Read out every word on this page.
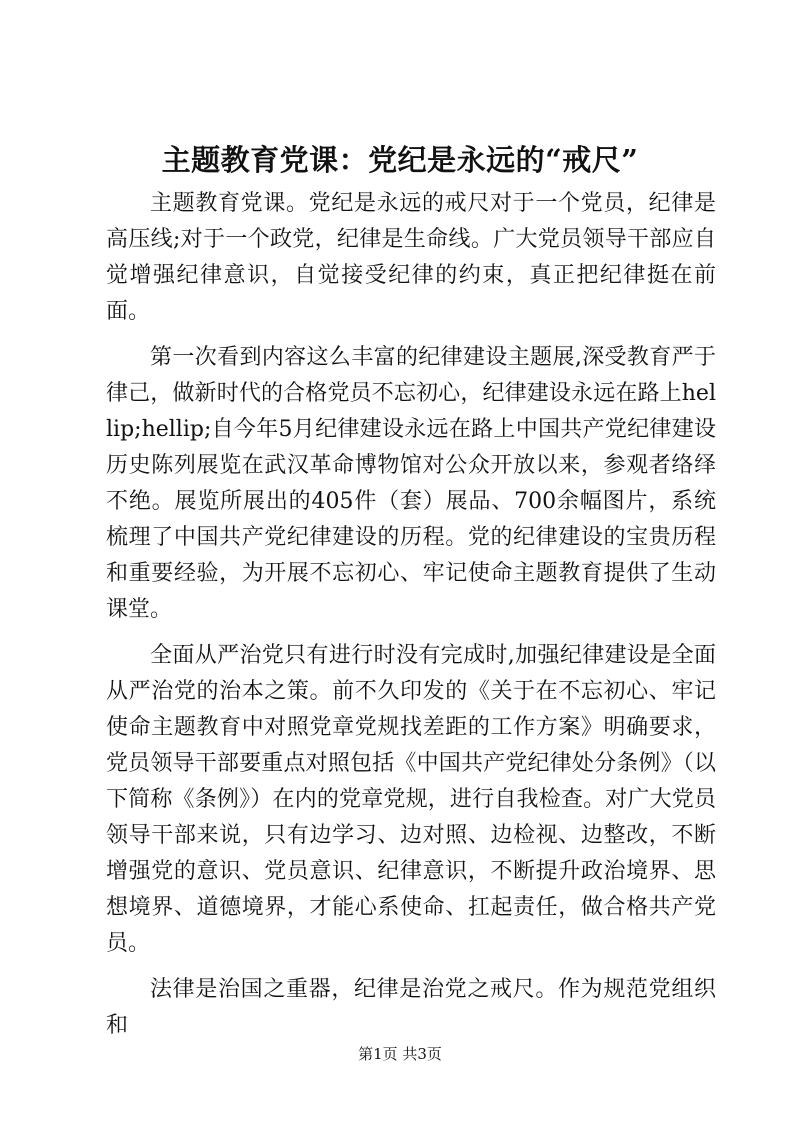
主题教育党课：党纪是永远的“戒尺”

主题教育党课。党纪是永远的戒尺对于一个党员，纪律是高压线;对于一个政党，纪律是生命线。广大党员领导干部应自觉增强纪律意识，自觉接受纪律的约束，真正把纪律挺在前面。

第一次看到内容这么丰富的纪律建设主题展,深受教育严于律己，做新时代的合格党员不忘初心，纪律建设永远在路上hellip;hellip;自今年5月纪律建设永远在路上中国共产党纪律建设历史陈列展览在武汉革命博物馆对公众开放以来，参观者络绎不绝。展览所展出的405件（套）展品、700余幅图片，系统梳理了中国共产党纪律建设的历程。党的纪律建设的宝贵历程和重要经验，为开展不忘初心、牢记使命主题教育提供了生动课堂。

全面从严治党只有进行时没有完成时,加强纪律建设是全面从严治党的治本之策。前不久印发的《关于在不忘初心、牢记使命主题教育中对照党章党规找差距的工作方案》明确要求，党员领导干部要重点对照包括《中国共产党纪律处分条例》（以下简称《条例》）在内的党章党规，进行自我检查。对广大党员领导干部来说，只有边学习、边对照、边检视、边整改，不断增强党的意识、党员意识、纪律意识，不断提升政治境界、思想境界、道德境界，才能心系使命、扛起责任，做合格共产党员。

法律是治国之重器，纪律是治党之戒尺。作为规范党组织和

第1页 共3页
